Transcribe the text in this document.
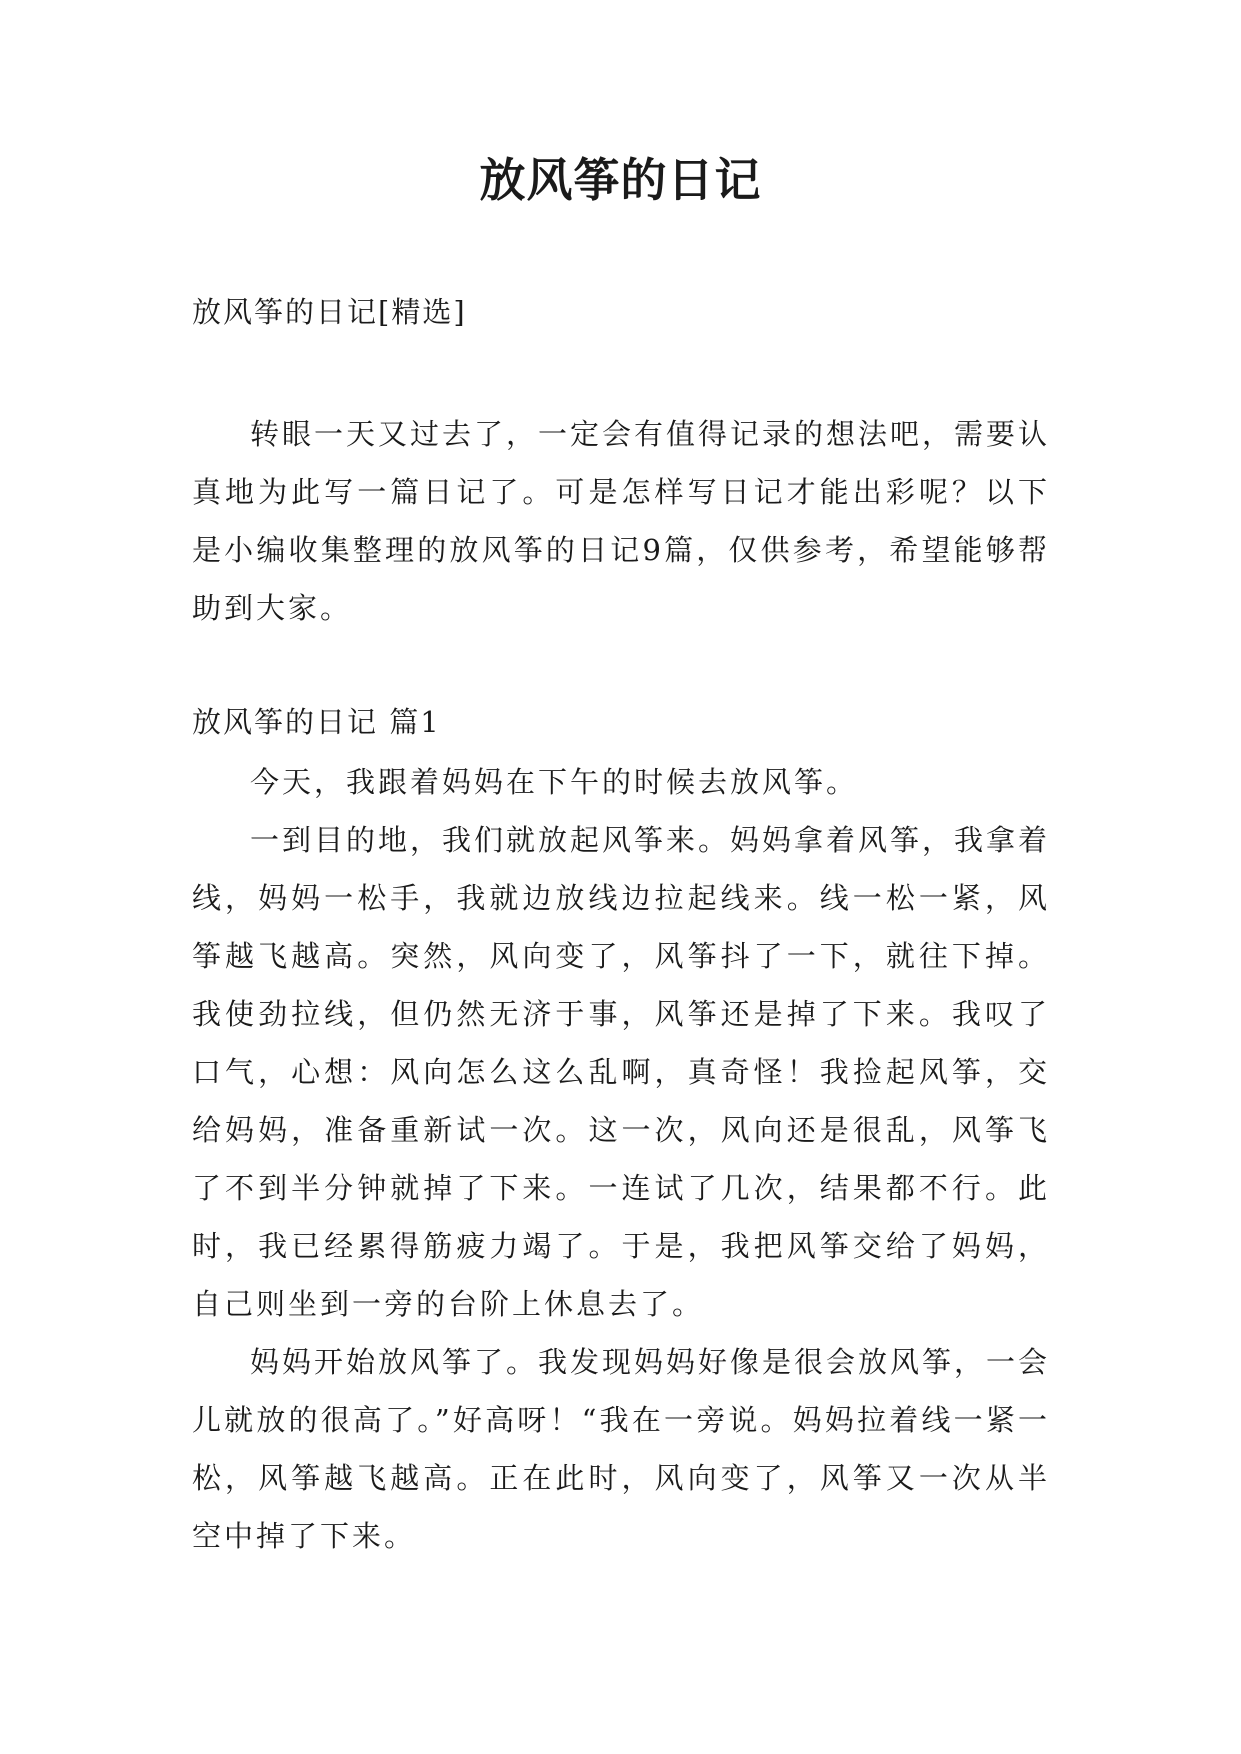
放风筝的日记
放风筝的日记[精选]

转眼一天又过去了，一定会有值得记录的想法吧，需要认真地为此写一篇日记了。可是怎样写日记才能出彩呢？以下是小编收集整理的放风筝的日记9篇，仅供参考，希望能够帮助到大家。

放风筝的日记 篇1

今天，我跟着妈妈在下午的时候去放风筝。

一到目的地，我们就放起风筝来。妈妈拿着风筝，我拿着线，妈妈一松手，我就边放线边拉起线来。线一松一紧，风筝越飞越高。突然，风向变了，风筝抖了一下，就往下掉。我使劲拉线，但仍然无济于事，风筝还是掉了下来。我叹了口气，心想：风向怎么这么乱啊，真奇怪！我捡起风筝，交给妈妈，准备重新试一次。这一次，风向还是很乱，风筝飞了不到半分钟就掉了下来。一连试了几次，结果都不行。此时，我已经累得筋疲力竭了。于是，我把风筝交给了妈妈，自己则坐到一旁的台阶上休息去了。

妈妈开始放风筝了。我发现妈妈好像是很会放风筝，一会儿就放的很高了。”好高呀！“我在一旁说。妈妈拉着线一紧一松，风筝越飞越高。正在此时，风向变了，风筝又一次从半空中掉了下来。
